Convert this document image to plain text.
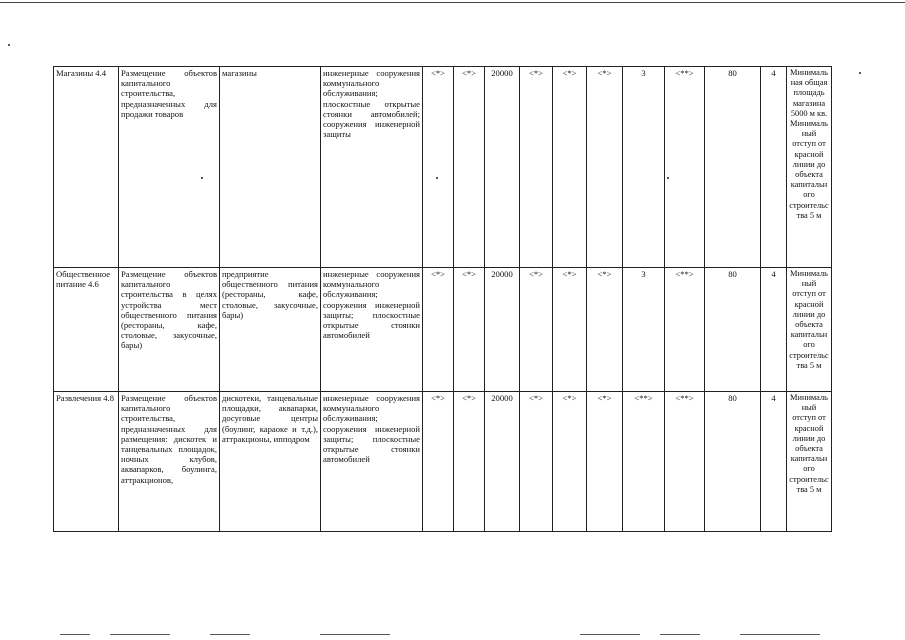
Магазины 4.4	Размещение объектов капитального строительства, предназначенных для продажи товаров	магазины	инженерные сооружения коммунального обслуживания; плоскостные открытые стоянки автомобилей; сооружения инженерной защиты	<*>	<*>	20000	<*>	<*>	<*>	3	<**>	80	4	Минимальная общая площадь магазина 5000 м кв. Минимальный отступ от красной линии до объекта капитального строительства 5 м
Общественное питание 4.6	Размещение объектов капитального строительства в целях устройства мест общественного питания (рестораны, кафе, столовые, закусочные, бары)	предприятие общественного питания (рестораны, кафе, столовые, закусочные, бары)	инженерные сооружения коммунального обслуживания; сооружения инженерной защиты; плоскостные открытые стоянки автомобилей	<*>	<*>	20000	<*>	<*>	<*>	3	<**>	80	4	Минимальный отступ от красной линии до объекта капитального строительства 5 м
Развлечения 4.8	Размещение объектов капитального строительства, предназначенных для размещения: дискотек и танцевальных площадок, ночных клубов, аквапарков, боулинга, аттракционов,	дискотеки, танцевальные площадки, аквапарки, досуговые центры (боулинг, караоке и т.д.), аттракционы, ипподром	инженерные сооружения коммунального обслуживания; сооружения инженерной защиты; плоскостные открытые стоянки автомобилей	<*>	<*>	20000	<*>	<*>	<*>	<**>	<**>	80	4	Минимальный отступ от красной линии до объекта капитального строительства 5 м
